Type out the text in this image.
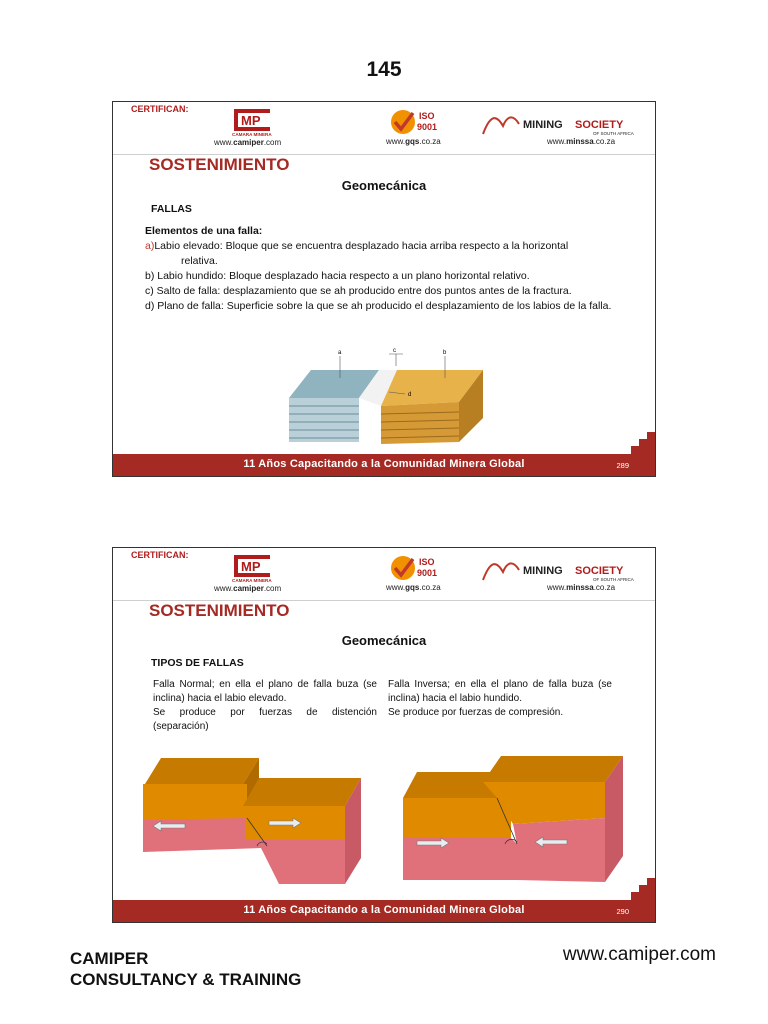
145
CERTIFICAN:
MP
CAMARA MINERA
www.camiper.com
ISO
9001
www.gqs.co.za
MINING SOCIETY
OF SOUTH AFRICA
www.minssa.co.za
SOSTENIMIENTO
Geomecánica
FALLAS

Elementos de una falla:

a)Labio elevado: Bloque que se encuentra desplazado hacia arriba respecto a la horizontal
relativa.

b) Labio hundido: Bloque desplazado hacia respecto a un plano horizontal relativo.

c) Salto de falla: desplazamiento que se ah producido entre dos puntos antes de la fractura.

d) Plano de falla: Superficie sobre la que se ah producido el desplazamiento de los labios de la falla.

a	c	b
d
11 Años Capacitando a la Comunidad Minera Global	289
CERTIFICAN:
MP
CAMARA MINERA
www.camiper.com
ISO
9001
www.gqs.co.za
MINING SOCIETY
OF SOUTH AFRICA
www.minssa.co.za
SOSTENIMIENTO
Geomecánica
TIPOS DE FALLAS

Falla Normal; en ella el plano de falla buza (se inclina) hacia el labio elevado.

Se produce por fuerzas de distención (separación)

Falla Inversa; en ella el plano de falla buza (se inclina) hacia el labio hundido.

Se produce por fuerzas de compresión.

11 Años Capacitando a la Comunidad Minera Global	290
CAMIPER
CONSULTANCY & TRAINING
www.camiper.com
